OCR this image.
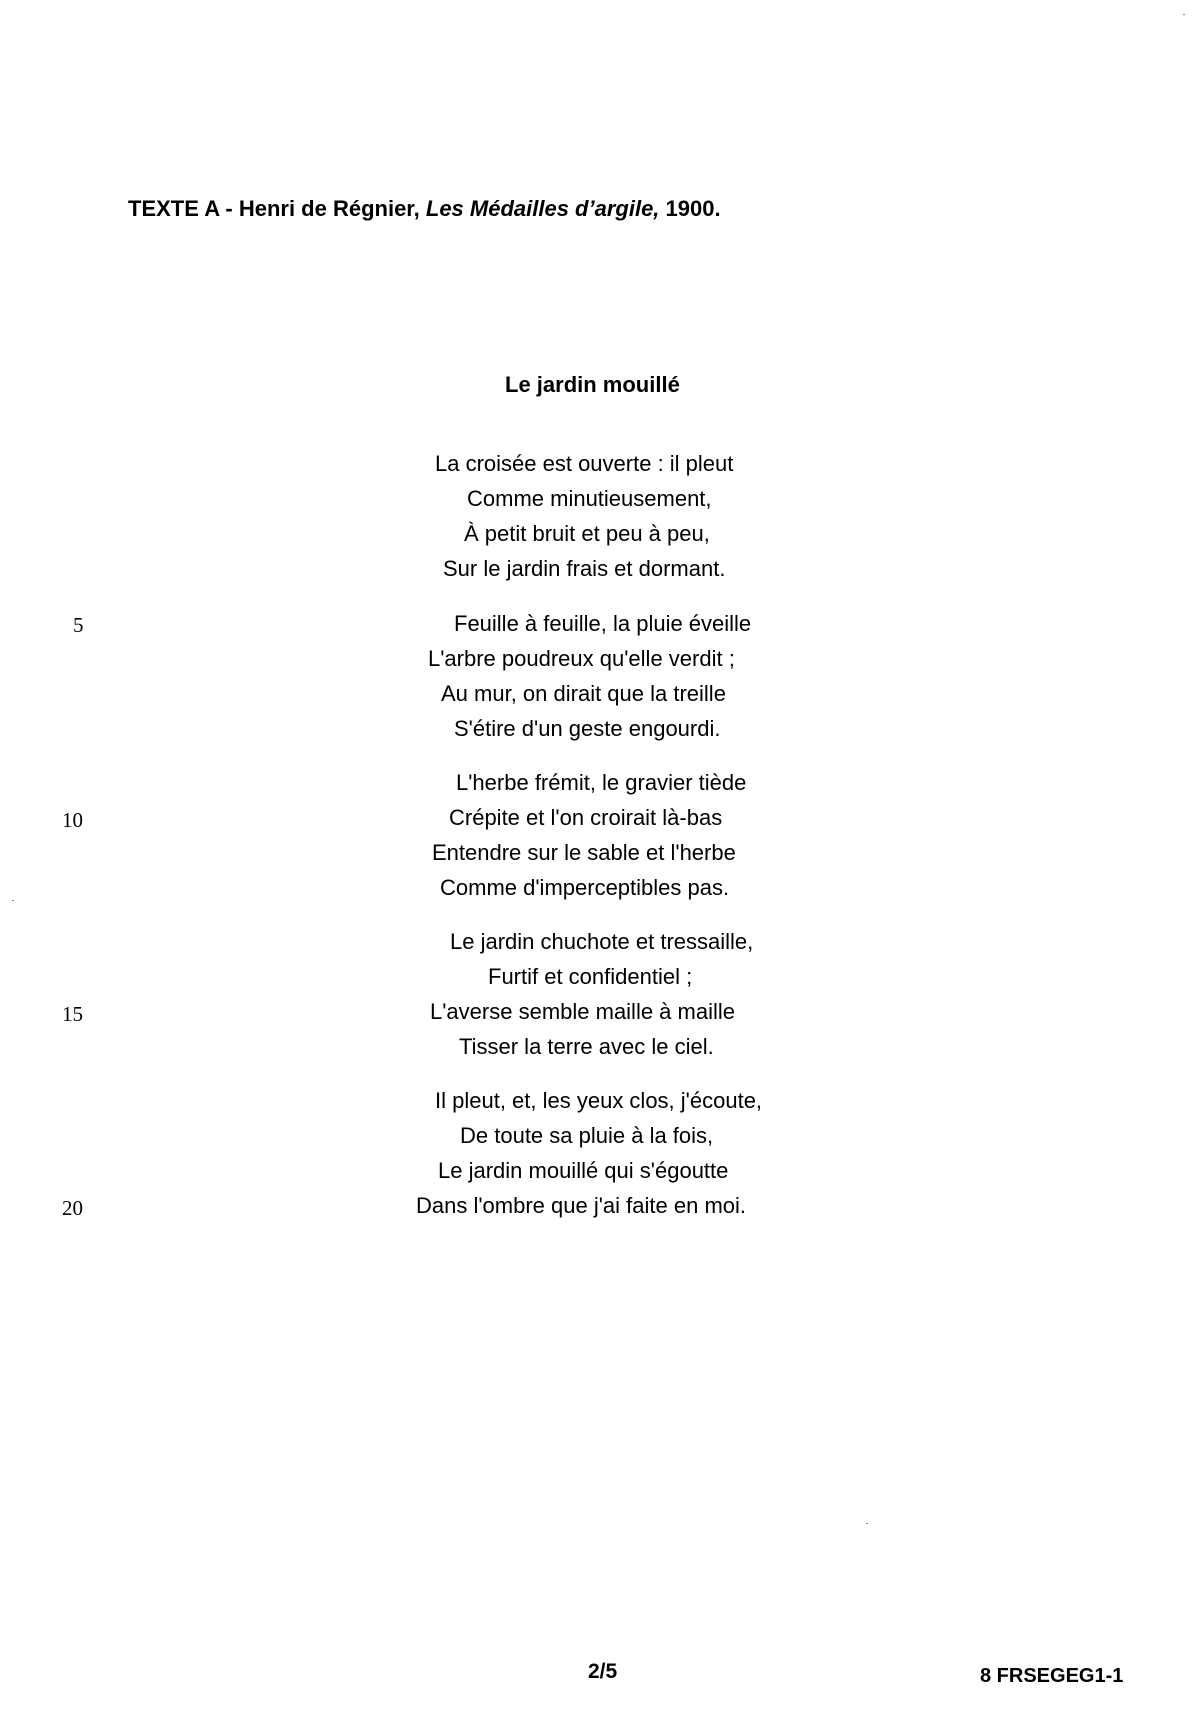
TEXTE A - Henri de Régnier, Les Médailles d’argile, 1900.
Le jardin mouillé
La croisée est ouverte : il pleut
Comme minutieusement,
À petit bruit et peu à peu,
Sur le jardin frais et dormant.
Feuille à feuille, la pluie éveille
L'arbre poudreux qu'elle verdit ;
Au mur, on dirait que la treille
S'étire d'un geste engourdi.
L'herbe frémit, le gravier tiède
Crépite et l'on croirait là-bas
Entendre sur le sable et l'herbe
Comme d'imperceptibles pas.
Le jardin chuchote et tressaille,
Furtif et confidentiel ;
L'averse semble maille à maille
Tisser la terre avec le ciel.
Il pleut, et, les yeux clos, j'écoute,
De toute sa pluie à la fois,
Le jardin mouillé qui s'égoutte
Dans l'ombre que j'ai faite en moi.
5
10
15
20
2/5	8 FRSEGEG1-1
